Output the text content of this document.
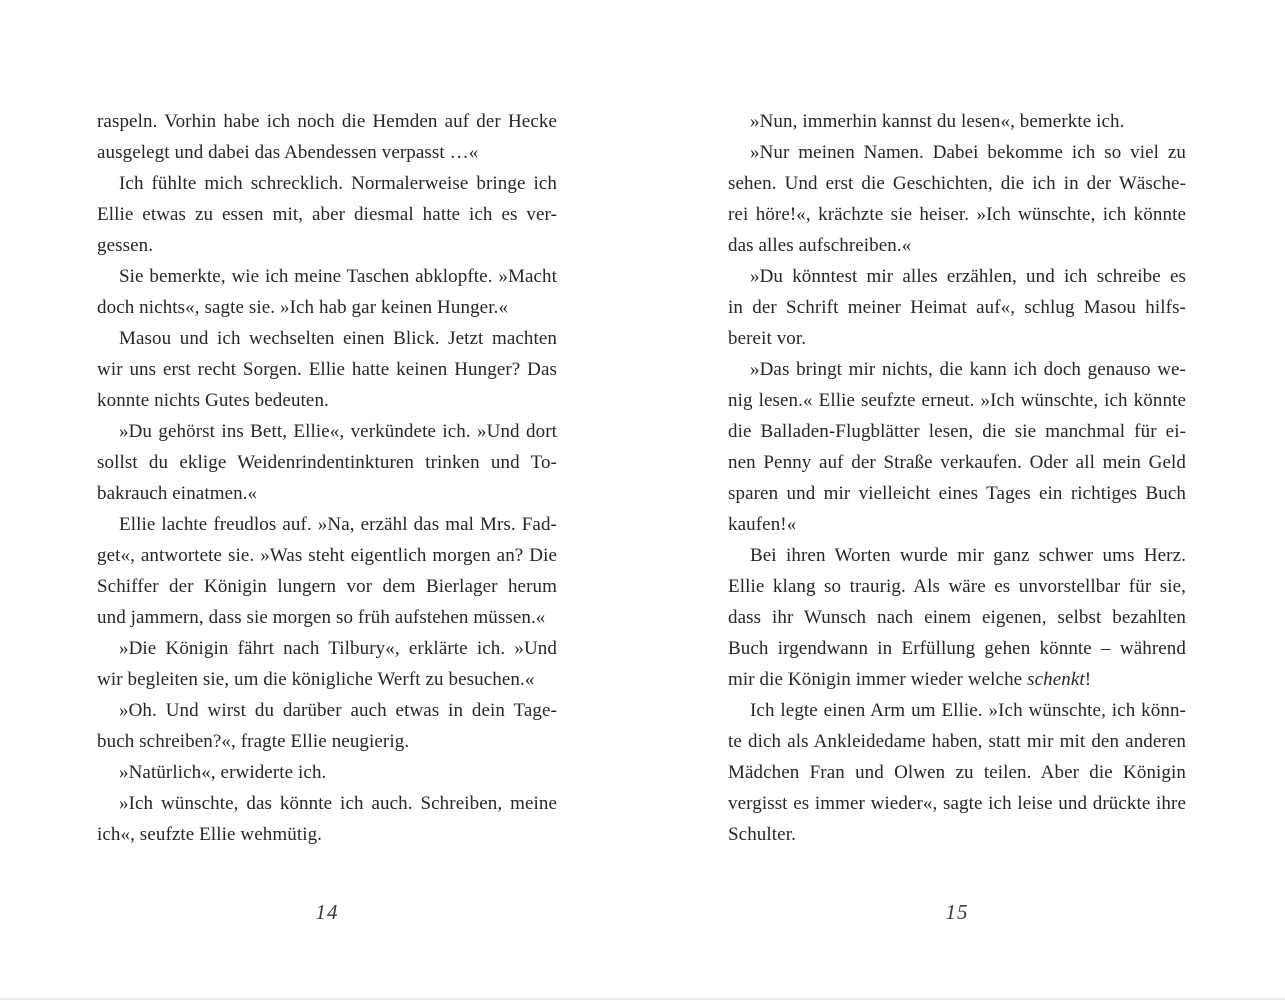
raspeln. Vorhin habe ich noch die Hemden auf der Hecke
ausgelegt und dabei das Abendessen verpasst …«
Ich fühlte mich schrecklich. Normalerweise bringe ich
Ellie etwas zu essen mit, aber diesmal hatte ich es ver-
gessen.
Sie bemerkte, wie ich meine Taschen abklopfte. »Macht
doch nichts«, sagte sie. »Ich hab gar keinen Hunger.«
Masou und ich wechselten einen Blick. Jetzt machten
wir uns erst recht Sorgen. Ellie hatte keinen Hunger? Das
konnte nichts Gutes bedeuten.
»Du gehörst ins Bett, Ellie«, verkündete ich. »Und dort
sollst du eklige Weidenrindentinkturen trinken und To-
bakrauch einatmen.«
Ellie lachte freudlos auf. »Na, erzähl das mal Mrs. Fad-
get«, antwortete sie. »Was steht eigentlich morgen an? Die
Schiffer der Königin lungern vor dem Bierlager herum
und jammern, dass sie morgen so früh aufstehen müssen.«
»Die Königin fährt nach Tilbury«, erklärte ich. »Und
wir begleiten sie, um die königliche Werft zu besuchen.«
»Oh. Und wirst du darüber auch etwas in dein Tage-
buch schreiben?«, fragte Ellie neugierig.
»Natürlich«, erwiderte ich.
»Ich wünschte, das könnte ich auch. Schreiben, meine
ich«, seufzte Ellie wehmütig.
»Nun, immerhin kannst du lesen«, bemerkte ich.
»Nur meinen Namen. Dabei bekomme ich so viel zu
sehen. Und erst die Geschichten, die ich in der Wäsche-
rei höre!«, krächzte sie heiser. »Ich wünschte, ich könnte
das alles aufschreiben.«
»Du könntest mir alles erzählen, und ich schreibe es
in der Schrift meiner Heimat auf«, schlug Masou hilfs-
bereit vor.
»Das bringt mir nichts, die kann ich doch genauso we-
nig lesen.« Ellie seufzte erneut. »Ich wünschte, ich könnte
die Balladen-Flugblätter lesen, die sie manchmal für ei-
nen Penny auf der Straße verkaufen. Oder all mein Geld
sparen und mir vielleicht eines Tages ein richtiges Buch
kaufen!«
Bei ihren Worten wurde mir ganz schwer ums Herz.
Ellie klang so traurig. Als wäre es unvorstellbar für sie,
dass ihr Wunsch nach einem eigenen, selbst bezahlten
Buch irgendwann in Erfüllung gehen könnte – während
mir die Königin immer wieder welche schenkt!
Ich legte einen Arm um Ellie. »Ich wünschte, ich könn-
te dich als Ankleidedame haben, statt mir mit den anderen
Mädchen Fran und Olwen zu teilen. Aber die Königin
vergisst es immer wieder«, sagte ich leise und drückte ihre
Schulter.
14	15
